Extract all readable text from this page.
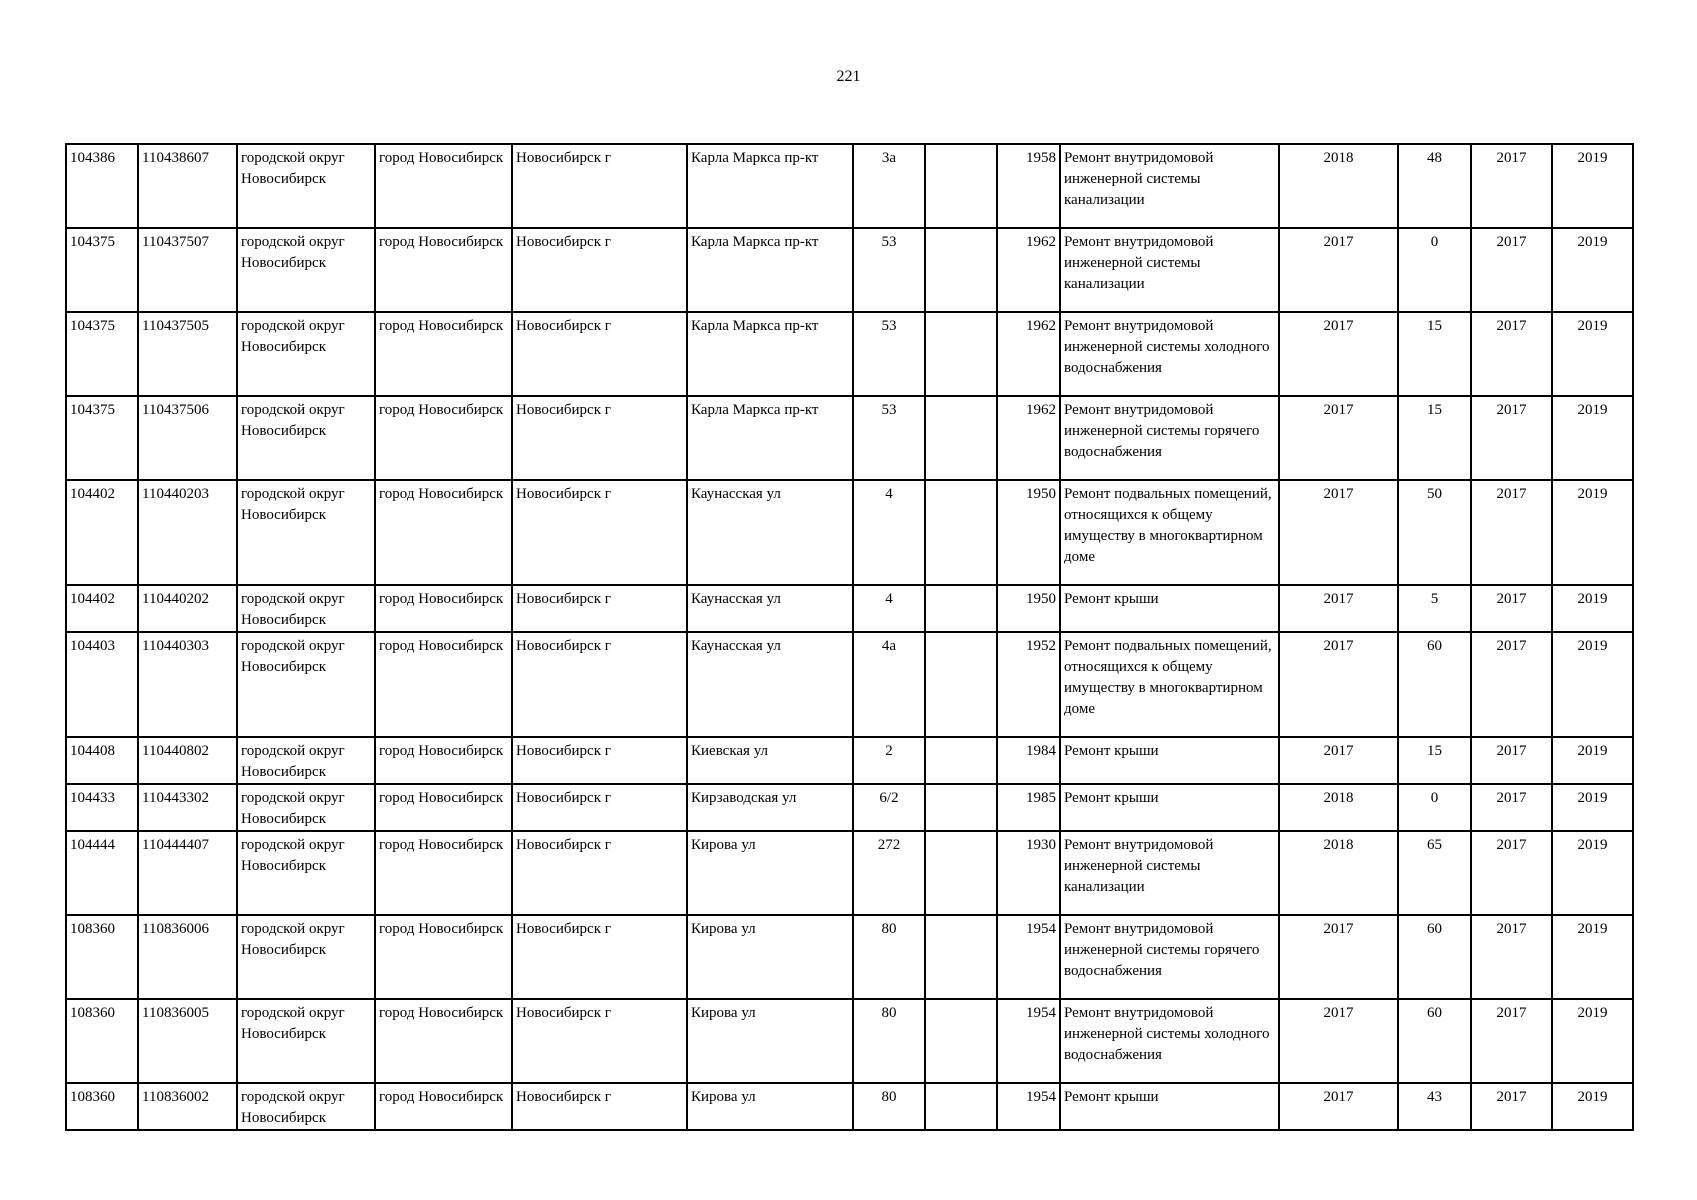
221
104386	110438607	городской округ Новосибирск	город Новосибирск	Новосибирск г	Карла Маркса пр-кт	3а		1958	Ремонт внутридомовой инженерной системы канализации	2018	48	2017	2019
104375	110437507	городской округ Новосибирск	город Новосибирск	Новосибирск г	Карла Маркса пр-кт	53		1962	Ремонт внутридомовой инженерной системы канализации	2017	0	2017	2019
104375	110437505	городской округ Новосибирск	город Новосибирск	Новосибирск г	Карла Маркса пр-кт	53		1962	Ремонт внутридомовой инженерной системы холодного водоснабжения	2017	15	2017	2019
104375	110437506	городской округ Новосибирск	город Новосибирск	Новосибирск г	Карла Маркса пр-кт	53		1962	Ремонт внутридомовой инженерной системы горячего водоснабжения	2017	15	2017	2019
104402	110440203	городской округ Новосибирск	город Новосибирск	Новосибирск г	Каунасская ул	4		1950	Ремонт подвальных помещений, относящихся к общему имуществу в многоквартирном доме	2017	50	2017	2019
104402	110440202	городской округ Новосибирск	город Новосибирск	Новосибирск г	Каунасская ул	4		1950	Ремонт крыши	2017	5	2017	2019
104403	110440303	городской округ Новосибирск	город Новосибирск	Новосибирск г	Каунасская ул	4а		1952	Ремонт подвальных помещений, относящихся к общему имуществу в многоквартирном доме	2017	60	2017	2019
104408	110440802	городской округ Новосибирск	город Новосибирск	Новосибирск г	Киевская ул	2		1984	Ремонт крыши	2017	15	2017	2019
104433	110443302	городской округ Новосибирск	город Новосибирск	Новосибирск г	Кирзаводская ул	6/2		1985	Ремонт крыши	2018	0	2017	2019
104444	110444407	городской округ Новосибирск	город Новосибирск	Новосибирск г	Кирова ул	272		1930	Ремонт внутридомовой инженерной системы канализации	2018	65	2017	2019
108360	110836006	городской округ Новосибирск	город Новосибирск	Новосибирск г	Кирова ул	80		1954	Ремонт внутридомовой инженерной системы горячего водоснабжения	2017	60	2017	2019
108360	110836005	городской округ Новосибирск	город Новосибирск	Новосибирск г	Кирова ул	80		1954	Ремонт внутридомовой инженерной системы холодного водоснабжения	2017	60	2017	2019
108360	110836002	городской округ Новосибирск	город Новосибирск	Новосибирск г	Кирова ул	80		1954	Ремонт крыши	2017	43	2017	2019
